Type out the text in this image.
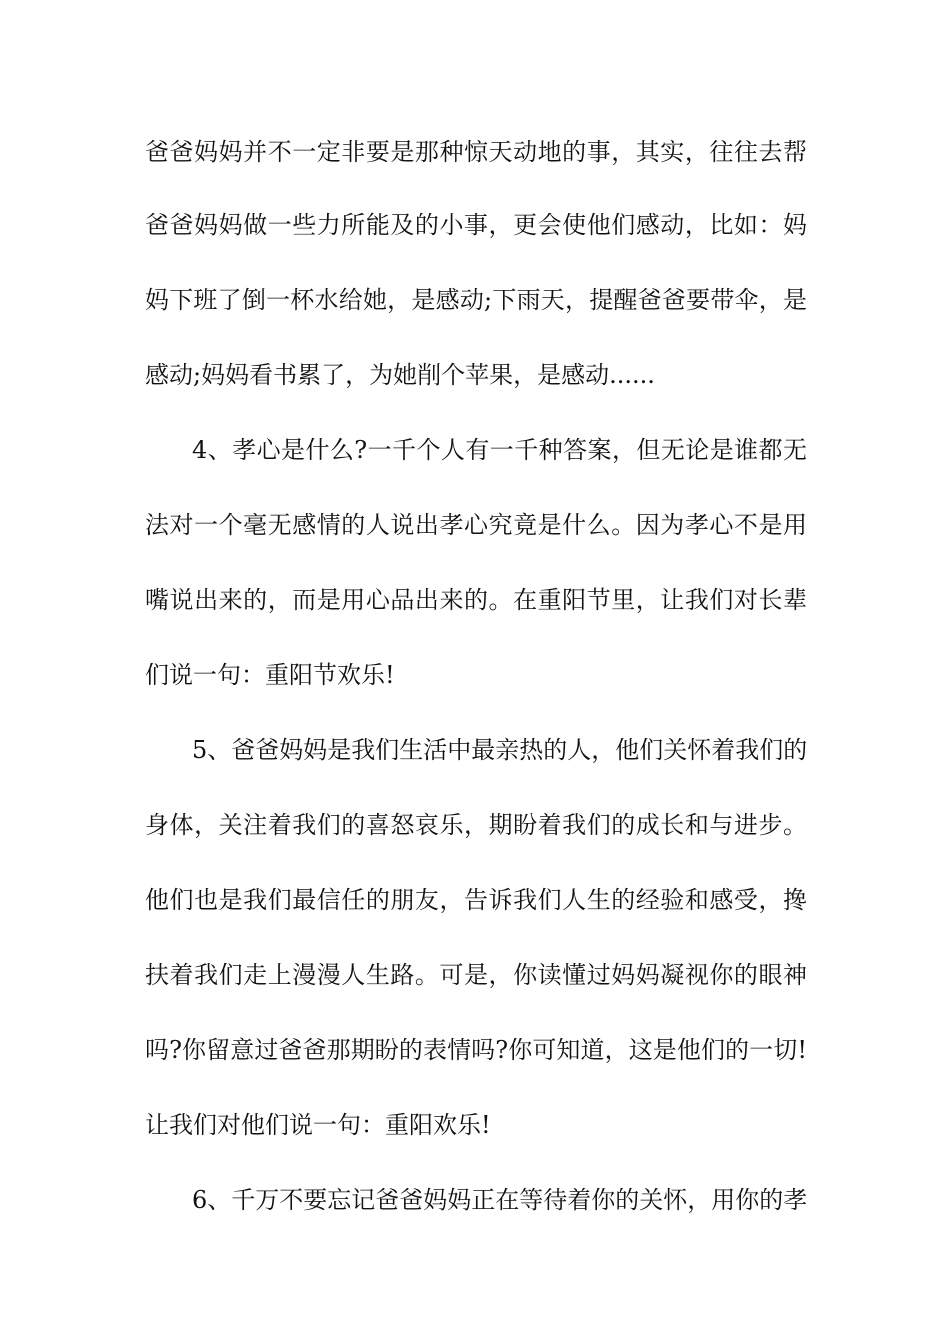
爸爸妈妈并不一定非要是那种惊天动地的事，其实，往往去帮
爸爸妈妈做一些力所能及的小事，更会使他们感动，比如：妈
妈下班了倒一杯水给她，是感动;下雨天，提醒爸爸要带伞，是
感动;妈妈看书累了，为她削个苹果，是感动......
4、孝心是什么?一千个人有一千种答案，但无论是谁都无
法对一个毫无感情的人说出孝心究竟是什么。因为孝心不是用
嘴说出来的，而是用心品出来的。在重阳节里，让我们对长辈
们说一句：重阳节欢乐!
5、爸爸妈妈是我们生活中最亲热的人，他们关怀着我们的
身体，关注着我们的喜怒哀乐，期盼着我们的成长和与进步。
他们也是我们最信任的朋友，告诉我们人生的经验和感受，搀
扶着我们走上漫漫人生路。可是，你读懂过妈妈凝视你的眼神
吗?你留意过爸爸那期盼的表情吗?你可知道，这是他们的一切!
让我们对他们说一句：重阳欢乐!
6、千万不要忘记爸爸妈妈正在等待着你的关怀，用你的孝
